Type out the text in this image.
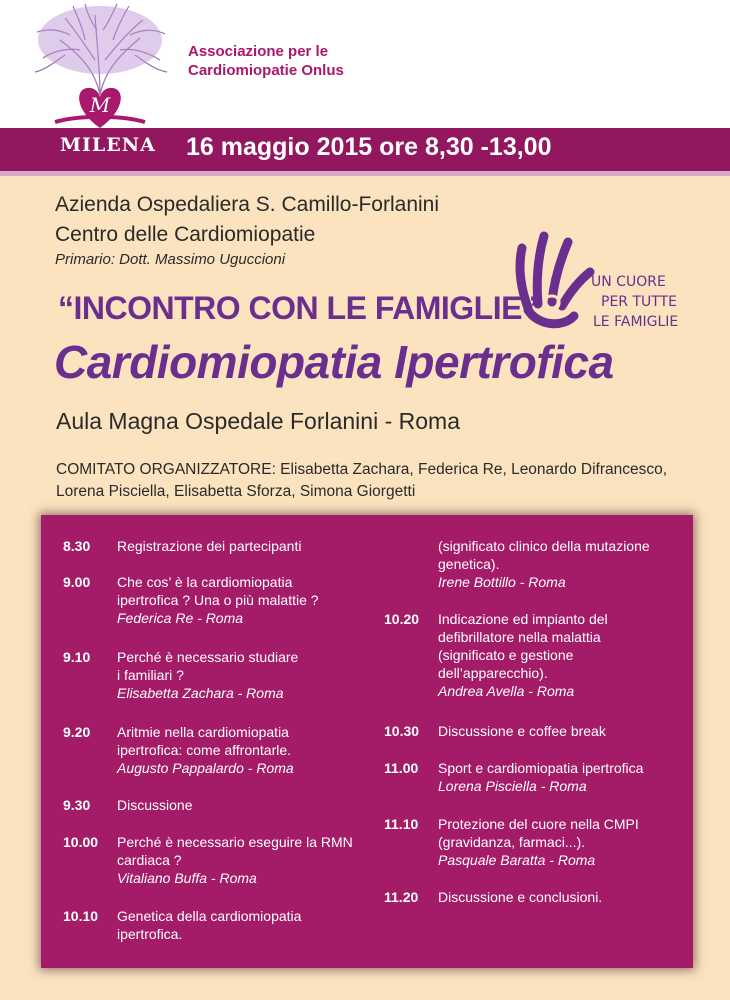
M
Associazione per le
Cardiomiopatie Onlus
MILENA 16 maggio 2015 ore 8,30 -13,00
Azienda Ospedaliera S. Camillo-Forlanini
Centro delle Cardiomiopatie
Primario: Dott. Massimo Uguccioni
“INCONTRO CON LE FAMIGLIE”
Cardiomiopatia Ipertrofica
Aula Magna Ospedale Forlanini - Roma
COMITATO ORGANIZZATORE: Elisabetta Zachara, Federica Re, Leonardo Difrancesco,
Lorena Pisciella, Elisabetta Sforza, Simona Giorgetti
UN CUORE
PER TUTTE
LE FAMIGLIE
8.30 Registrazione dei partecipanti
9.00 Che cos’ è la cardiomiopatia
ipertrofica ? Una o più malattie ?
Federica Re - Roma
9.10 Perché è necessario studiare
i familiari ?
Elisabetta Zachara - Roma
9.20 Aritmie nella cardiomiopatia
ipertrofica: come affrontarle.
Augusto Pappalardo - Roma
9.30 Discussione
10.00 Perché è necessario eseguire la RMN
cardiaca ?
Vitaliano Buffa - Roma
10.10 Genetica della cardiomiopatia
ipertrofica.
(significato clinico della mutazione
genetica).
Irene Bottillo - Roma
10.20 Indicazione ed impianto del
defibrillatore nella malattia
(significato e gestione
dell’apparecchio).
Andrea Avella - Roma
10.30 Discussione e coffee break
11.00 Sport e cardiomiopatia ipertrofica
Lorena Pisciella - Roma
11.10 Protezione del cuore nella CMPI
(gravidanza, farmaci...).
Pasquale Baratta - Roma
11.20 Discussione e conclusioni.
